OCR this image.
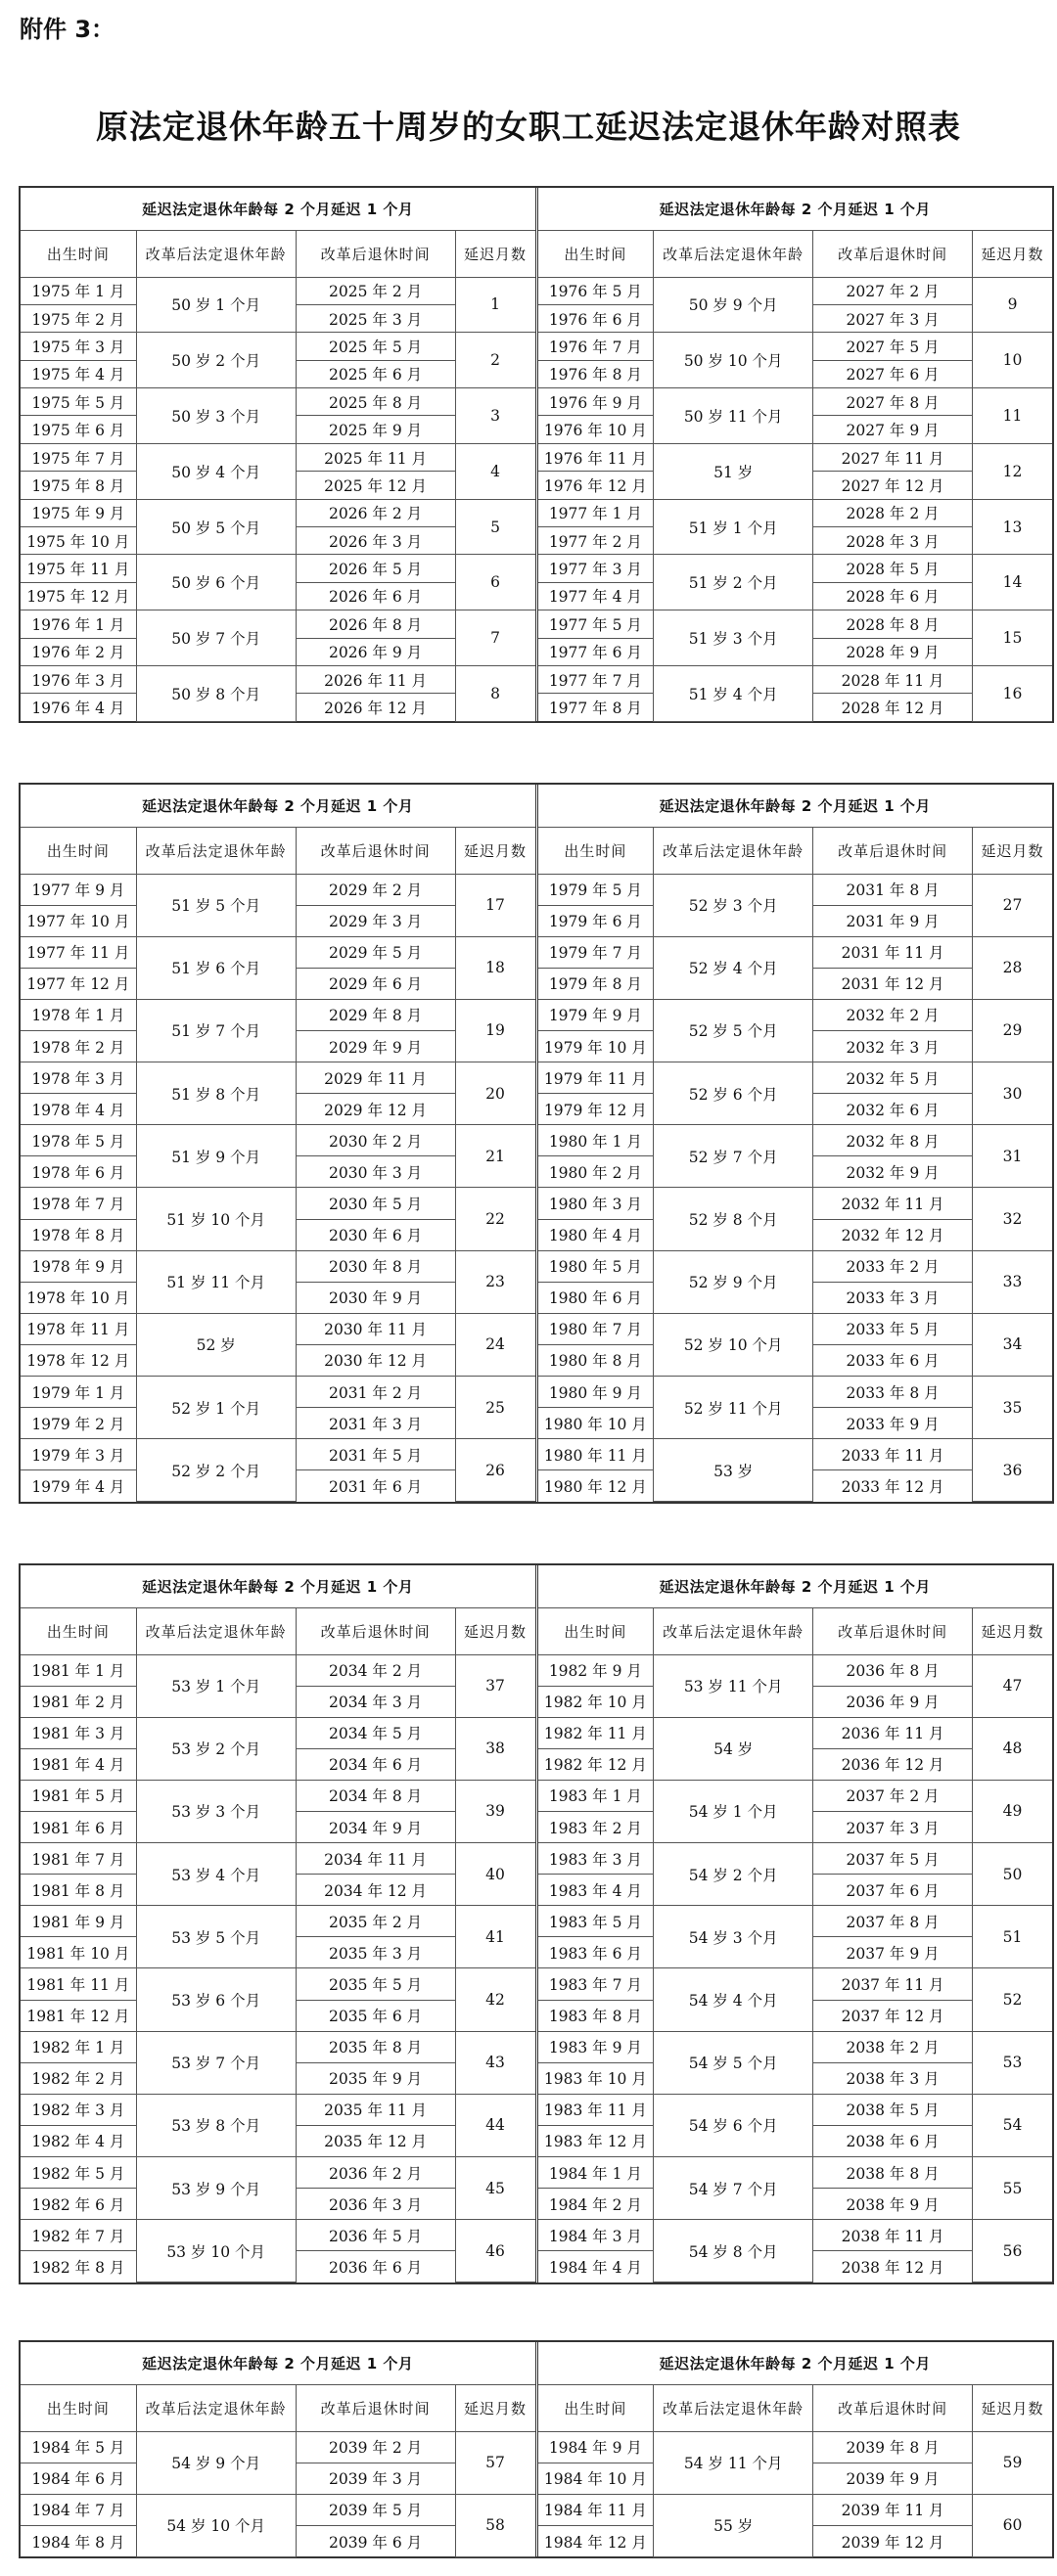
附件 3：
原法定退休年龄五十周岁的女职工延迟法定退休年龄对照表
延迟法定退休年龄每 2 个月延迟 1 个月			
出生时间	改革后法定退休年龄	改革后退休时间	延迟月数
1975 年 1 月	50 岁 1 个月	2025 年 2 月	1
1975 年 2 月		2025 年 3 月	
1975 年 3 月	50 岁 2 个月	2025 年 5 月	2
1975 年 4 月		2025 年 6 月	
1975 年 5 月	50 岁 3 个月	2025 年 8 月	3
1975 年 6 月		2025 年 9 月	
1975 年 7 月	50 岁 4 个月	2025 年 11 月	4
1975 年 8 月		2025 年 12 月	
1975 年 9 月	50 岁 5 个月	2026 年 2 月	5
1975 年 10 月		2026 年 3 月	
1975 年 11 月	50 岁 6 个月	2026 年 5 月	6
1975 年 12 月		2026 年 6 月	
1976 年 1 月	50 岁 7 个月	2026 年 8 月	7
1976 年 2 月		2026 年 9 月	
1976 年 3 月	50 岁 8 个月	2026 年 11 月	8
1976 年 4 月		2026 年 12 月	
延迟法定退休年龄每 2 个月延迟 1 个月			
出生时间	改革后法定退休年龄	改革后退休时间	延迟月数
1976 年 5 月	50 岁 9 个月	2027 年 2 月	9
1976 年 6 月		2027 年 3 月	
1976 年 7 月	50 岁 10 个月	2027 年 5 月	10
1976 年 8 月		2027 年 6 月	
1976 年 9 月	50 岁 11 个月	2027 年 8 月	11
1976 年 10 月		2027 年 9 月	
1976 年 11 月	51 岁	2027 年 11 月	12
1976 年 12 月		2027 年 12 月	
1977 年 1 月	51 岁 1 个月	2028 年 2 月	13
1977 年 2 月		2028 年 3 月	
1977 年 3 月	51 岁 2 个月	2028 年 5 月	14
1977 年 4 月		2028 年 6 月	
1977 年 5 月	51 岁 3 个月	2028 年 8 月	15
1977 年 6 月		2028 年 9 月	
1977 年 7 月	51 岁 4 个月	2028 年 11 月	16
1977 年 8 月		2028 年 12 月	
延迟法定退休年龄每 2 个月延迟 1 个月			
出生时间	改革后法定退休年龄	改革后退休时间	延迟月数
1977 年 9 月	51 岁 5 个月	2029 年 2 月	17
1977 年 10 月		2029 年 3 月	
1977 年 11 月	51 岁 6 个月	2029 年 5 月	18
1977 年 12 月		2029 年 6 月	
1978 年 1 月	51 岁 7 个月	2029 年 8 月	19
1978 年 2 月		2029 年 9 月	
1978 年 3 月	51 岁 8 个月	2029 年 11 月	20
1978 年 4 月		2029 年 12 月	
1978 年 5 月	51 岁 9 个月	2030 年 2 月	21
1978 年 6 月		2030 年 3 月	
1978 年 7 月	51 岁 10 个月	2030 年 5 月	22
1978 年 8 月		2030 年 6 月	
1978 年 9 月	51 岁 11 个月	2030 年 8 月	23
1978 年 10 月		2030 年 9 月	
1978 年 11 月	52 岁	2030 年 11 月	24
1978 年 12 月		2030 年 12 月	
1979 年 1 月	52 岁 1 个月	2031 年 2 月	25
1979 年 2 月		2031 年 3 月	
1979 年 3 月	52 岁 2 个月	2031 年 5 月	26
1979 年 4 月		2031 年 6 月	
延迟法定退休年龄每 2 个月延迟 1 个月			
出生时间	改革后法定退休年龄	改革后退休时间	延迟月数
1979 年 5 月	52 岁 3 个月	2031 年 8 月	27
1979 年 6 月		2031 年 9 月	
1979 年 7 月	52 岁 4 个月	2031 年 11 月	28
1979 年 8 月		2031 年 12 月	
1979 年 9 月	52 岁 5 个月	2032 年 2 月	29
1979 年 10 月		2032 年 3 月	
1979 年 11 月	52 岁 6 个月	2032 年 5 月	30
1979 年 12 月		2032 年 6 月	
1980 年 1 月	52 岁 7 个月	2032 年 8 月	31
1980 年 2 月		2032 年 9 月	
1980 年 3 月	52 岁 8 个月	2032 年 11 月	32
1980 年 4 月		2032 年 12 月	
1980 年 5 月	52 岁 9 个月	2033 年 2 月	33
1980 年 6 月		2033 年 3 月	
1980 年 7 月	52 岁 10 个月	2033 年 5 月	34
1980 年 8 月		2033 年 6 月	
1980 年 9 月	52 岁 11 个月	2033 年 8 月	35
1980 年 10 月		2033 年 9 月	
1980 年 11 月	53 岁	2033 年 11 月	36
1980 年 12 月		2033 年 12 月	
延迟法定退休年龄每 2 个月延迟 1 个月			
出生时间	改革后法定退休年龄	改革后退休时间	延迟月数
1981 年 1 月	53 岁 1 个月	2034 年 2 月	37
1981 年 2 月		2034 年 3 月	
1981 年 3 月	53 岁 2 个月	2034 年 5 月	38
1981 年 4 月		2034 年 6 月	
1981 年 5 月	53 岁 3 个月	2034 年 8 月	39
1981 年 6 月		2034 年 9 月	
1981 年 7 月	53 岁 4 个月	2034 年 11 月	40
1981 年 8 月		2034 年 12 月	
1981 年 9 月	53 岁 5 个月	2035 年 2 月	41
1981 年 10 月		2035 年 3 月	
1981 年 11 月	53 岁 6 个月	2035 年 5 月	42
1981 年 12 月		2035 年 6 月	
1982 年 1 月	53 岁 7 个月	2035 年 8 月	43
1982 年 2 月		2035 年 9 月	
1982 年 3 月	53 岁 8 个月	2035 年 11 月	44
1982 年 4 月		2035 年 12 月	
1982 年 5 月	53 岁 9 个月	2036 年 2 月	45
1982 年 6 月		2036 年 3 月	
1982 年 7 月	53 岁 10 个月	2036 年 5 月	46
1982 年 8 月		2036 年 6 月	
延迟法定退休年龄每 2 个月延迟 1 个月			
出生时间	改革后法定退休年龄	改革后退休时间	延迟月数
1982 年 9 月	53 岁 11 个月	2036 年 8 月	47
1982 年 10 月		2036 年 9 月	
1982 年 11 月	54 岁	2036 年 11 月	48
1982 年 12 月		2036 年 12 月	
1983 年 1 月	54 岁 1 个月	2037 年 2 月	49
1983 年 2 月		2037 年 3 月	
1983 年 3 月	54 岁 2 个月	2037 年 5 月	50
1983 年 4 月		2037 年 6 月	
1983 年 5 月	54 岁 3 个月	2037 年 8 月	51
1983 年 6 月		2037 年 9 月	
1983 年 7 月	54 岁 4 个月	2037 年 11 月	52
1983 年 8 月		2037 年 12 月	
1983 年 9 月	54 岁 5 个月	2038 年 2 月	53
1983 年 10 月		2038 年 3 月	
1983 年 11 月	54 岁 6 个月	2038 年 5 月	54
1983 年 12 月		2038 年 6 月	
1984 年 1 月	54 岁 7 个月	2038 年 8 月	55
1984 年 2 月		2038 年 9 月	
1984 年 3 月	54 岁 8 个月	2038 年 11 月	56
1984 年 4 月		2038 年 12 月	
延迟法定退休年龄每 2 个月延迟 1 个月			
出生时间	改革后法定退休年龄	改革后退休时间	延迟月数
1984 年 5 月	54 岁 9 个月	2039 年 2 月	57
1984 年 6 月		2039 年 3 月	
1984 年 7 月	54 岁 10 个月	2039 年 5 月	58
1984 年 8 月		2039 年 6 月	
延迟法定退休年龄每 2 个月延迟 1 个月			
出生时间	改革后法定退休年龄	改革后退休时间	延迟月数
1984 年 9 月	54 岁 11 个月	2039 年 8 月	59
1984 年 10 月		2039 年 9 月	
1984 年 11 月	55 岁	2039 年 11 月	60
1984 年 12 月		2039 年 12 月	
